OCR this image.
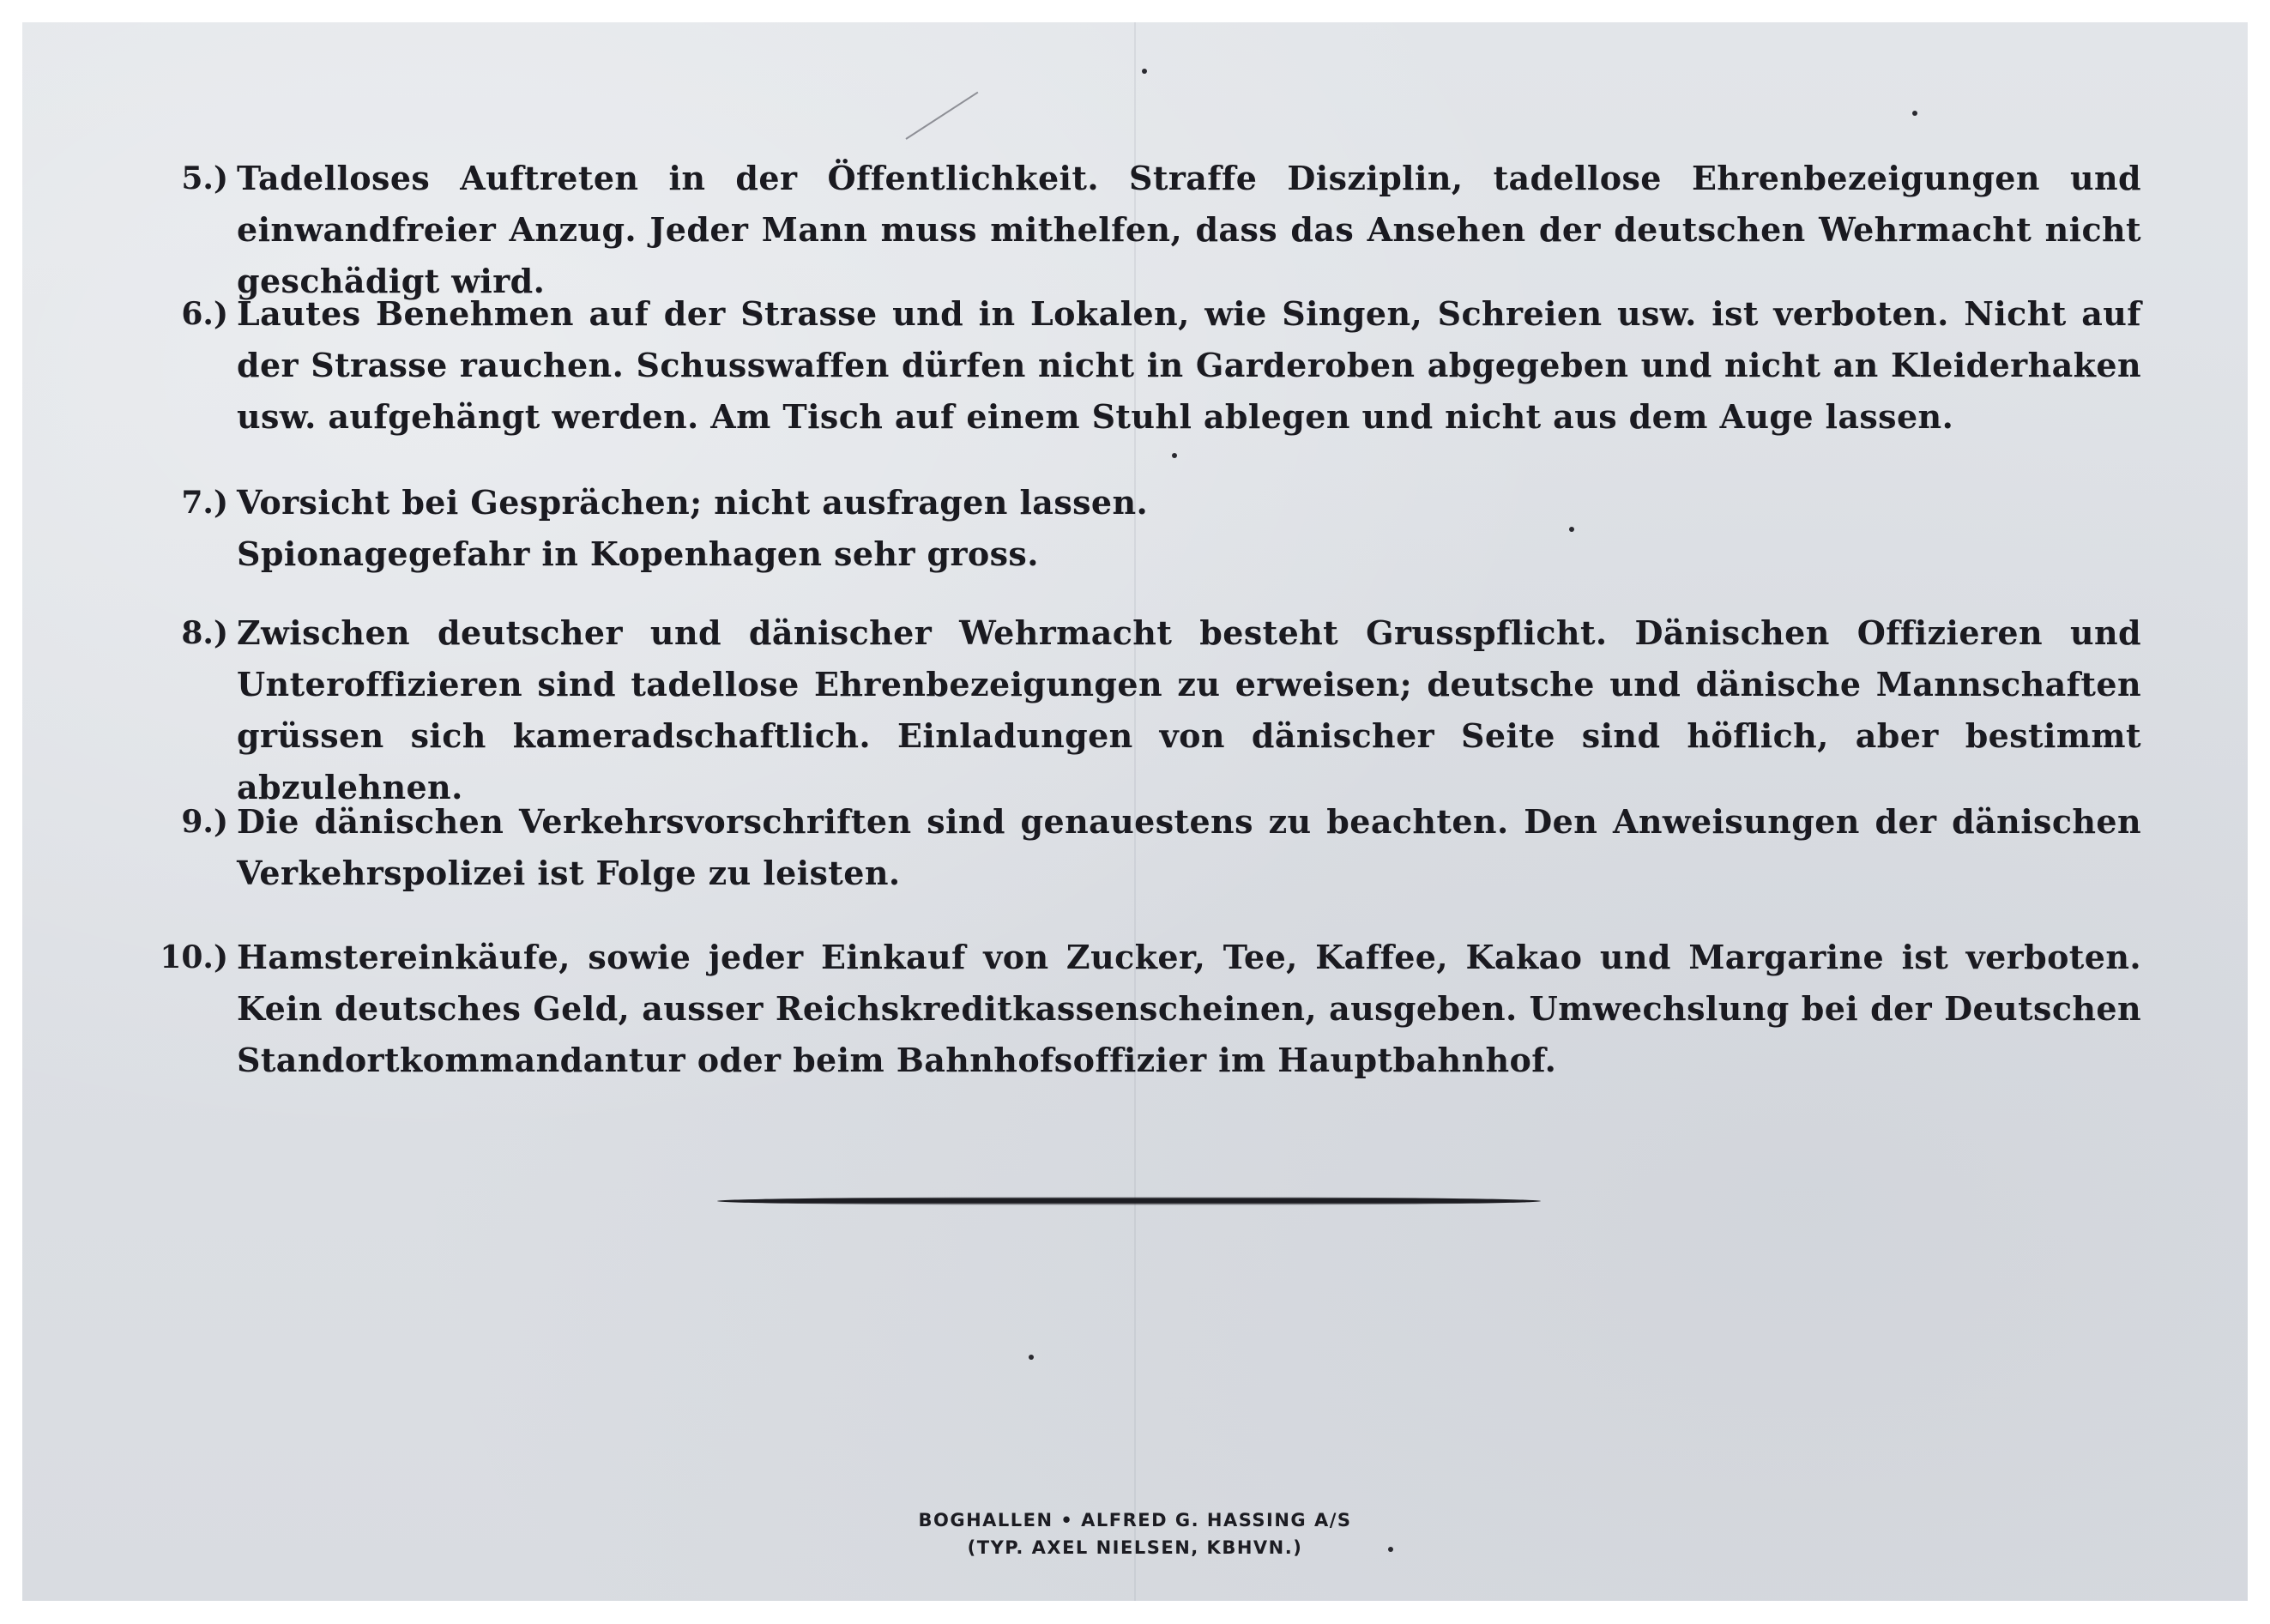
5.) Tadelloses Auftreten in der Öffentlichkeit. Straffe Disziplin, tadellose Ehrenbezeigungen und einwandfreier Anzug. Jeder Mann muss mithelfen, dass das Ansehen der deutschen Wehrmacht nicht geschädigt wird.
6.) Lautes Benehmen auf der Strasse und in Lokalen, wie Singen, Schreien usw. ist verboten. Nicht auf der Strasse rauchen. Schusswaffen dürfen nicht in Garderoben abgegeben und nicht an Kleiderhaken usw. aufgehängt werden. Am Tisch auf einem Stuhl ablegen und nicht aus dem Auge lassen.
7.) Vorsicht bei Gesprächen; nicht ausfragen lassen.
Spionagegefahr in Kopenhagen sehr gross.
8.) Zwischen deutscher und dänischer Wehrmacht besteht Grusspflicht. Dänischen Offizieren und Unteroffizieren sind tadellose Ehrenbezeigungen zu erweisen; deutsche und dänische Mannschaften grüssen sich kameradschaftlich. Einladungen von dänischer Seite sind höflich, aber bestimmt abzulehnen.
9.) Die dänischen Verkehrsvorschriften sind genauestens zu beachten. Den Anweisungen der dänischen Verkehrspolizei ist Folge zu leisten.
10.) Hamstereinkäufe, sowie jeder Einkauf von Zucker, Tee, Kaffee, Kakao und Margarine ist verboten. Kein deutsches Geld, ausser Reichskreditkassenscheinen, ausgeben. Umwechslung bei der Deutschen Standortkommandantur oder beim Bahnhofsoffizier im Hauptbahnhof.
BOGHALLEN • ALFRED G. HASSING A/S
(TYP. AXEL NIELSEN, KBHVN.)
